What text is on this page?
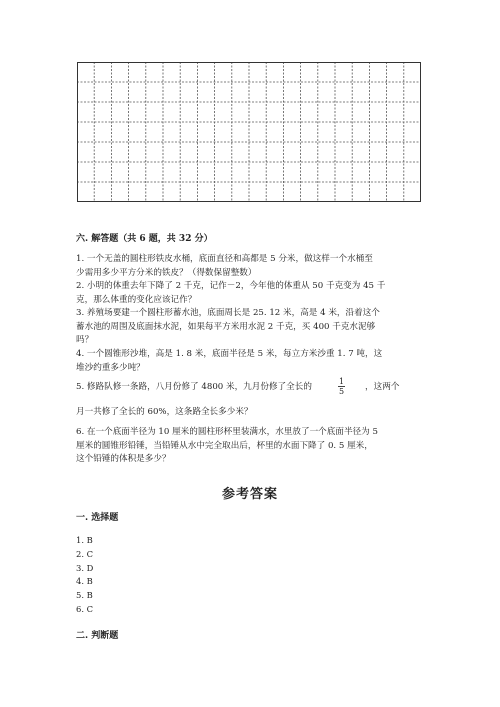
六. 解答题（共 6 题，共 32 分）
1. 一个无盖的圆柱形铁皮水桶，底面直径和高都是 5 分米，做这样一个水桶至
少需用多少平方分米的铁皮？（得数保留整数）
2. 小明的体重去年下降了 2 千克，记作－2，今年他的体重从 50 千克变为 45 千
克，那么体重的变化应该记作？
3. 养殖场要建一个圆柱形蓄水池，底面周长是 25. 12 米，高是 4 米，沿着这个
蓄水池的周围及底面抹水泥，如果每平方米用水泥 2 千克，买 400 千克水泥够
吗？
4. 一个圆锥形沙堆，高是 1. 8 米，底面半径是 5 米，每立方米沙重 1. 7 吨，这
堆沙约重多少吨？
5. 修路队修一条路，八月份修了 4800 米，九月份修了全长的	$\frac{1}{5}$ ，这两个
月一共修了全长的 60%，这条路全长多少米？
6. 在一个底面半径为 10 厘米的圆柱形杯里装满水，水里放了一个底面半径为 5
厘米的圆锥形铅锤，当铅锤从水中完全取出后，杯里的水面下降了 0. 5 厘米，
这个铅锤的体积是多少？
参考答案
一. 选择题
1. B
2. C
3. D
4. B
5. B
6. C
二. 判断题
